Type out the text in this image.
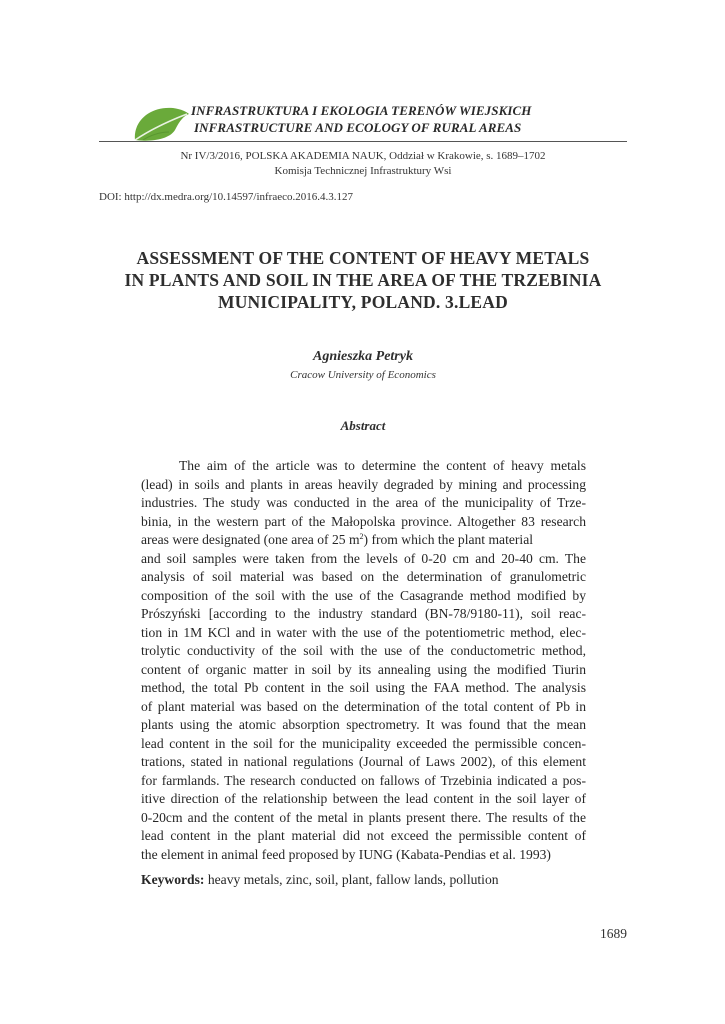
INFRASTRUKTURA I EKOLOGIA TERENÓW WIEJSKICH
INFRASTRUCTURE AND ECOLOGY OF RURAL AREAS
Nr IV/3/2016, POLSKA AKADEMIA NAUK, Oddział w Krakowie, s. 1689–1702
Komisja Technicznej Infrastruktury Wsi
DOI: http://dx.medra.org/10.14597/infraeco.2016.4.3.127
ASSESSMENT OF THE CONTENT OF HEAVY METALS
IN PLANTS AND SOIL IN THE AREA OF THE TRZEBINIA
MUNICIPALITY, POLAND. 3.LEAD
Agnieszka Petryk
Cracow University of Economics
Abstract
The aim of the article was to determine the content of heavy metals
(lead) in soils and plants in areas heavily degraded by mining and processing
industries. The study was conducted in the area of the municipality of Trze-
binia, in the western part of the Małopolska province. Altogether 83 research
areas were designated (one area of 25 $m^2$) from which the plant material
and soil samples were taken from the levels of 0-20 cm and 20-40 cm. The
analysis of soil material was based on the determination of granulometric
composition of the soil with the use of the Casagrande method modified by
Prószyński [according to the industry standard (BN-78/9180-11), soil reac-
tion in 1M KCl and in water with the use of the potentiometric method, elec-
trolytic conductivity of the soil with the use of the conductometric method,
content of organic matter in soil by its annealing using the modified Tiurin
method, the total Pb content in the soil using the FAA method. The analysis
of plant material was based on the determination of the total content of Pb in
plants using the atomic absorption spectrometry. It was found that the mean
lead content in the soil for the municipality exceeded the permissible concen-
trations, stated in national regulations (Journal of Laws 2002), of this element
for farmlands. The research conducted on fallows of Trzebinia indicated a pos-
itive direction of the relationship between the lead content in the soil layer of
0-20cm and the content of the metal in plants present there. The results of the
lead content in the plant material did not exceed the permissible content of
the element in animal feed proposed by IUNG (Kabata-Pendias et al. 1993)
Keywords: heavy metals, zinc, soil, plant, fallow lands, pollution
1689
